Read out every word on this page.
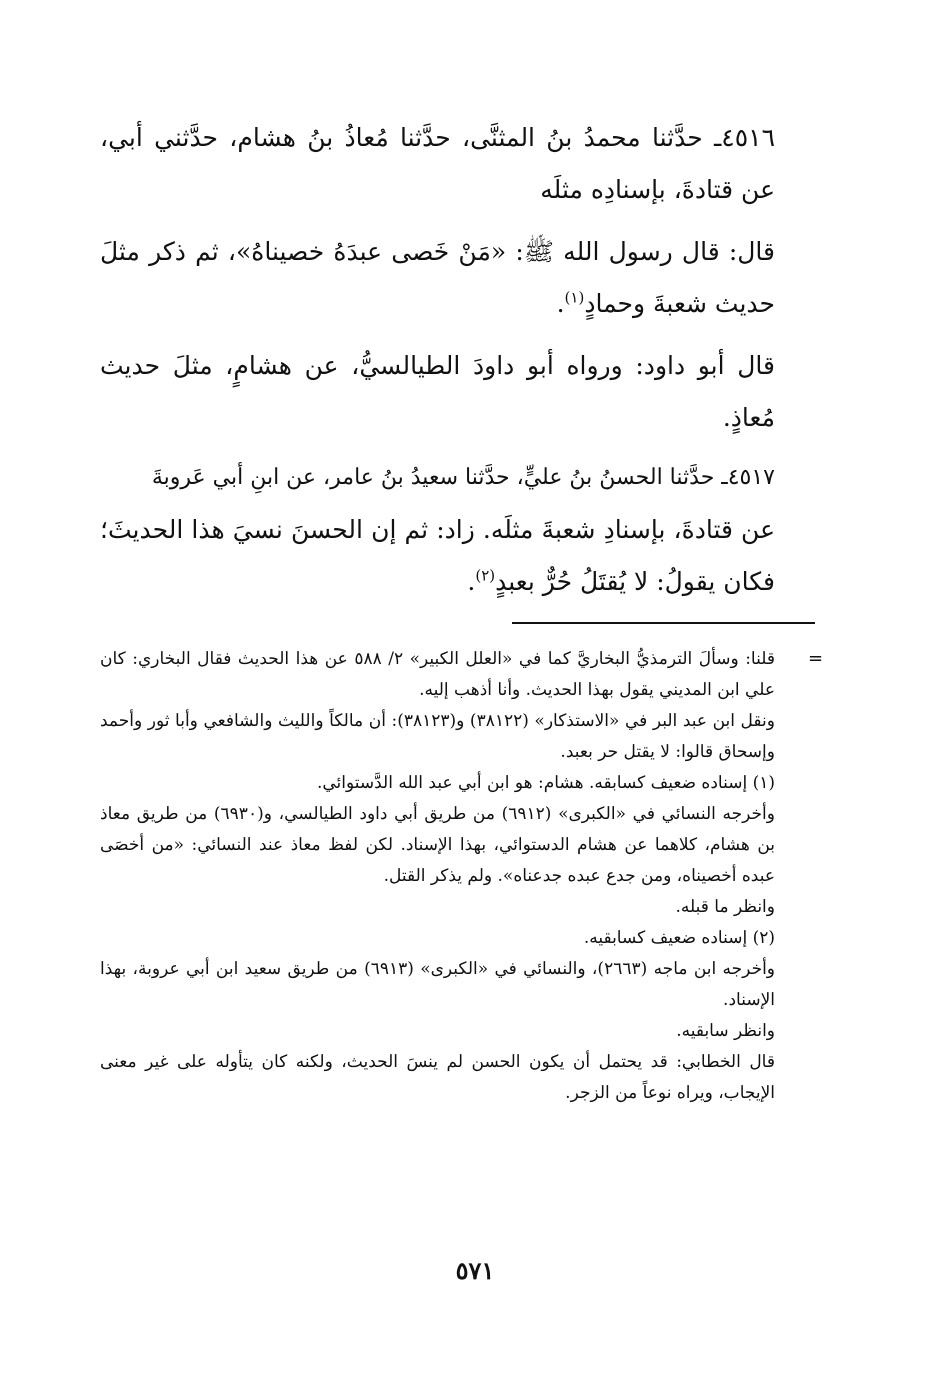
٤٥١٦ـ حدَّثنا محمدُ بنُ المثنَّى، حدَّثنا مُعاذُ بنُ هشام، حدَّثني أبي، عن قتادةَ، بإسنادِه مثلَه

قال: قال رسول الله ﷺ: «مَنْ خَصى عبدَهُ خصيناهُ»، ثم ذكر مثلَ حديث شعبةَ وحمادٍ$^{(١)}$.

قال أبو داود: ورواه أبو داودَ الطيالسيُّ، عن هشامٍ، مثلَ حديث مُعاذٍ.

٤٥١٧ـ حدَّثنا الحسنُ بنُ عليٍّ، حدَّثنا سعيدُ بنُ عامر، عن ابنِ أبي عَروبةَ

عن قتادةَ، بإسنادِ شعبةَ مثلَه. زاد: ثم إن الحسنَ نسيَ هذا الحديثَ؛ فكان يقولُ: لا يُقتَلُ حُرٌّ بعبدٍ$^{(٢)}$.

=

قلنا: وسألَ الترمذيُّ البخاريَّ كما في «العلل الكبير» ٢/ ٥٨٨ عن هذا الحديث فقال البخاري: كان علي ابن المديني يقول بهذا الحديث. وأنا أذهب إليه.

ونقل ابن عبد البر في «الاستذكار» (٣٨١٢٢) و(٣٨١٢٣): أن مالكاً والليث والشافعي وأبا ثور وأحمد وإسحاق قالوا: لا يقتل حر بعبد.

(١) إسناده ضعيف كسابقه. هشام: هو ابن أبي عبد الله الدَّستوائي.

وأخرجه النسائي في «الكبرى» (٦٩١٢) من طريق أبي داود الطيالسي، و(٦٩٣٠) من طريق معاذ بن هشام، كلاهما عن هشام الدستوائي، بهذا الإسناد. لكن لفظ معاذ عند النسائي: «من أخصَى عبده أخصيناه، ومن جدع عبده جدعناه». ولم يذكر القتل.

وانظر ما قبله.

(٢) إسناده ضعيف كسابقيه.

وأخرجه ابن ماجه (٢٦٦٣)، والنسائي في «الكبرى» (٦٩١٣) من طريق سعيد ابن أبي عروبة، بهذا الإسناد.

وانظر سابقيه.

قال الخطابي: قد يحتمل أن يكون الحسن لم ينسَ الحديث، ولكنه كان يتأوله على غير معنى الإيجاب، ويراه نوعاً من الزجر.

٥٧١
